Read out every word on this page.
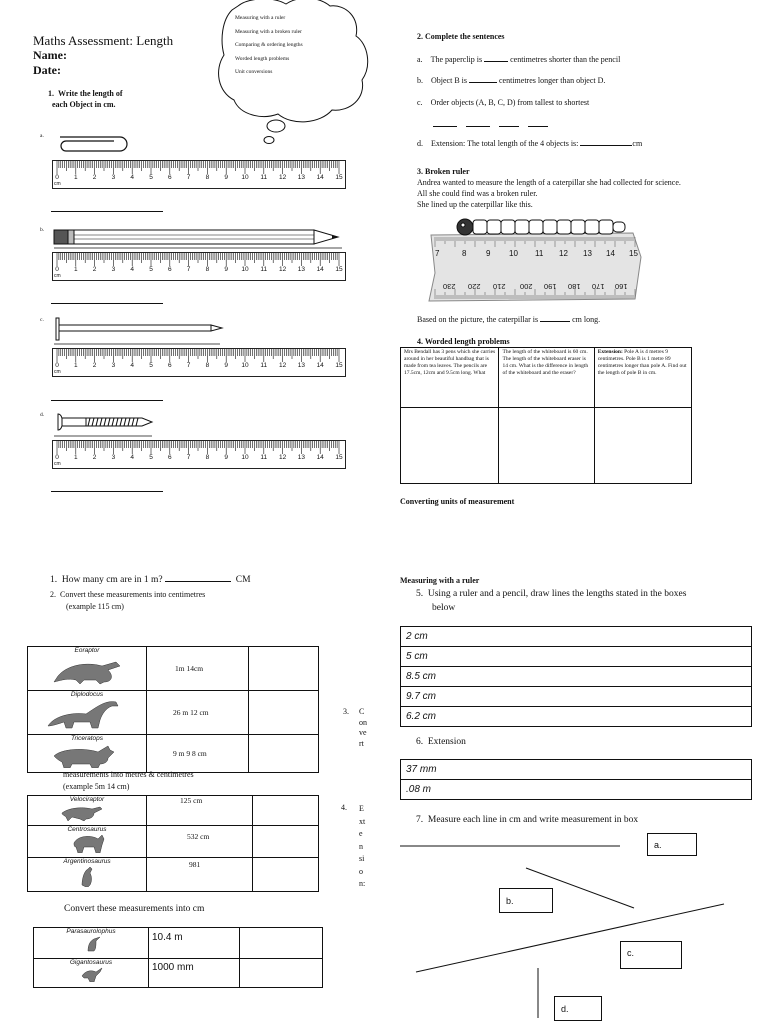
Maths Assessment: Length
Name:
Date:
Measuring with a ruler
Measuring with a broken ruler
Comparing & ordering lengths
Worded length problems
Unit conversions
1. Write the length of
each Object in cm.
a.
0 1 2 3 4 5 6 7 8 9 10 11 12 13 14 15
cm
b.
0 1 2 3 4 5 6 7 8 9 10 11 12 13 14 15
cm
c.
0 1 2 3 4 5 6 7 8 9 10 11 12 13 14 15
cm
d.
0 1 2 3 4 5 6 7 8 9 10 11 12 13 14 15
cm
2. Complete the sentences
a. The paperclip is	centimetres shorter than the pencil
b. Object B is	centimetres longer than object D.
c. Order objects (A, B, C, D) from tallest to shortest
d. Extension: The total length of the 4 objects is:	cm
3. Broken ruler
Andrea wanted to measure the length of a caterpillar she had collected for science.
All she could find was a broken ruler.
She lined up the caterpillar like this.
7	8 9 10 11 12 13 14 15
230 220 210 200 190 180 170 160
Based on the picture, the caterpillar is	cm long.
4. Worded length problems
Mrs Bendall has 3 pens which she carries around in her beautiful handbag that is made from tea leaves. The pencils are 17.5cm, 12cm and 9.5cm long. What	The length of the whiteboard is 60 cm. The length of the whiteboard eraser is 14 cm. What is the difference in length of the whiteboard and the eraser?	Extension: Pole A is 4 metres 9 centimetres. Pole B is 1 metre 89 centimetres longer than pole A. Find out the length of pole B in cm.

Converting units of measurement
1. How many cm are in 1 m?	CM
2. Convert these measurements into centimetres
(example 115 cm)
Eoraptor	1m 14cm	

Diplodocus	26 m 12 cm	

Triceratops	9 m 9 8 cm	
3. C
on
ve
rt
measurements into metres & centimetres
(example 5m 14 cm)
Velociraptor	125 cm	

Centrosaurus	532 cm	

Argentinosaurus	981	
4. E
xt
e
n
si
o
n:
Convert these measurements into cm
Parasaurolophus	10.4 m	

Gigantosaurus	1000 mm	
Measuring with a ruler
5. Using a ruler and a pencil, draw lines the lengths stated in the boxes
below
2 cm
5 cm
8.5 cm
9.7 cm
6.2 cm
6. Extension
37 mm
.08 m
7. Measure each line in cm and write measurement in box
a.
b.
c.
d.
